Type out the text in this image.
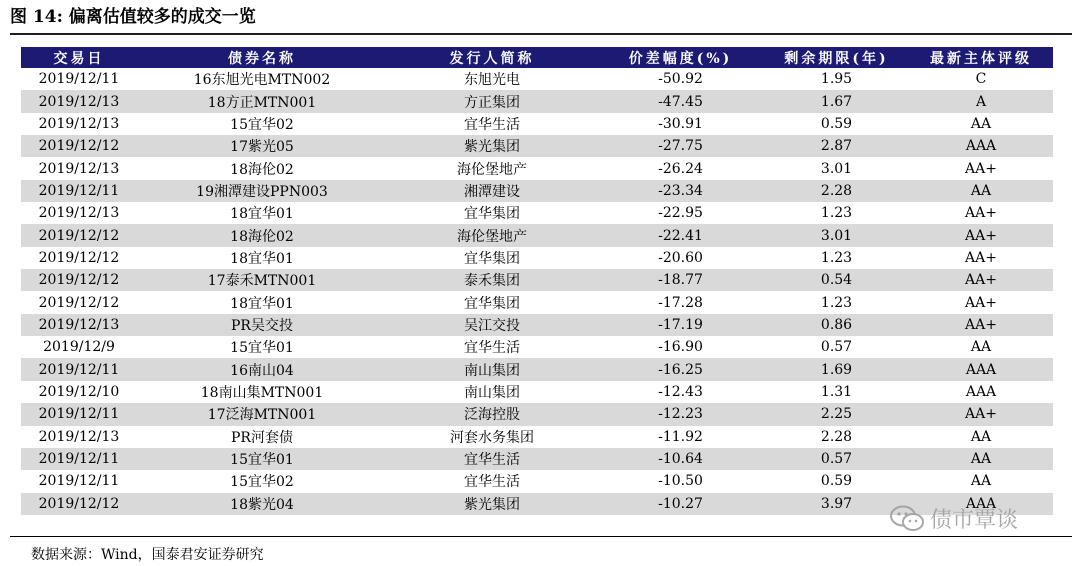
图 14: 偏离估值较多的成交一览
交易日	债券名称	发行人简称	价差幅度(%)	剩余期限(年)	最新主体评级
2019/12/11	16东旭光电MTN002	东旭光电	-50.92	1.95	C
2019/12/13	18方正MTN001	方正集团	-47.45	1.67	A
2019/12/13	15宜华02	宜华生活	-30.91	0.59	AA
2019/12/12	17紫光05	紫光集团	-27.75	2.87	AAA
2019/12/13	18海伦02	海伦堡地产	-26.24	3.01	AA+
2019/12/11	19湘潭建设PPN003	湘潭建设	-23.34	2.28	AA
2019/12/13	18宜华01	宜华集团	-22.95	1.23	AA+
2019/12/12	18海伦02	海伦堡地产	-22.41	3.01	AA+
2019/12/12	18宜华01	宜华集团	-20.60	1.23	AA+
2019/12/12	17泰禾MTN001	泰禾集团	-18.77	0.54	AA+
2019/12/12	18宜华01	宜华集团	-17.28	1.23	AA+
2019/12/13	PR吴交投	吴江交投	-17.19	0.86	AA+
2019/12/9	15宜华01	宜华生活	-16.90	0.57	AA
2019/12/11	16南山04	南山集团	-16.25	1.69	AAA
2019/12/10	18南山集MTN001	南山集团	-12.43	1.31	AAA
2019/12/11	17泛海MTN001	泛海控股	-12.23	2.25	AA+
2019/12/13	PR河套债	河套水务集团	-11.92	2.28	AA
2019/12/11	15宜华01	宜华生活	-10.64	0.57	AA
2019/12/11	15宜华02	宜华生活	-10.50	0.59	AA
2019/12/12	18紫光04	紫光集团	-10.27	3.97	AAA
数据来源：Wind，国泰君安证券研究
债市覃谈
